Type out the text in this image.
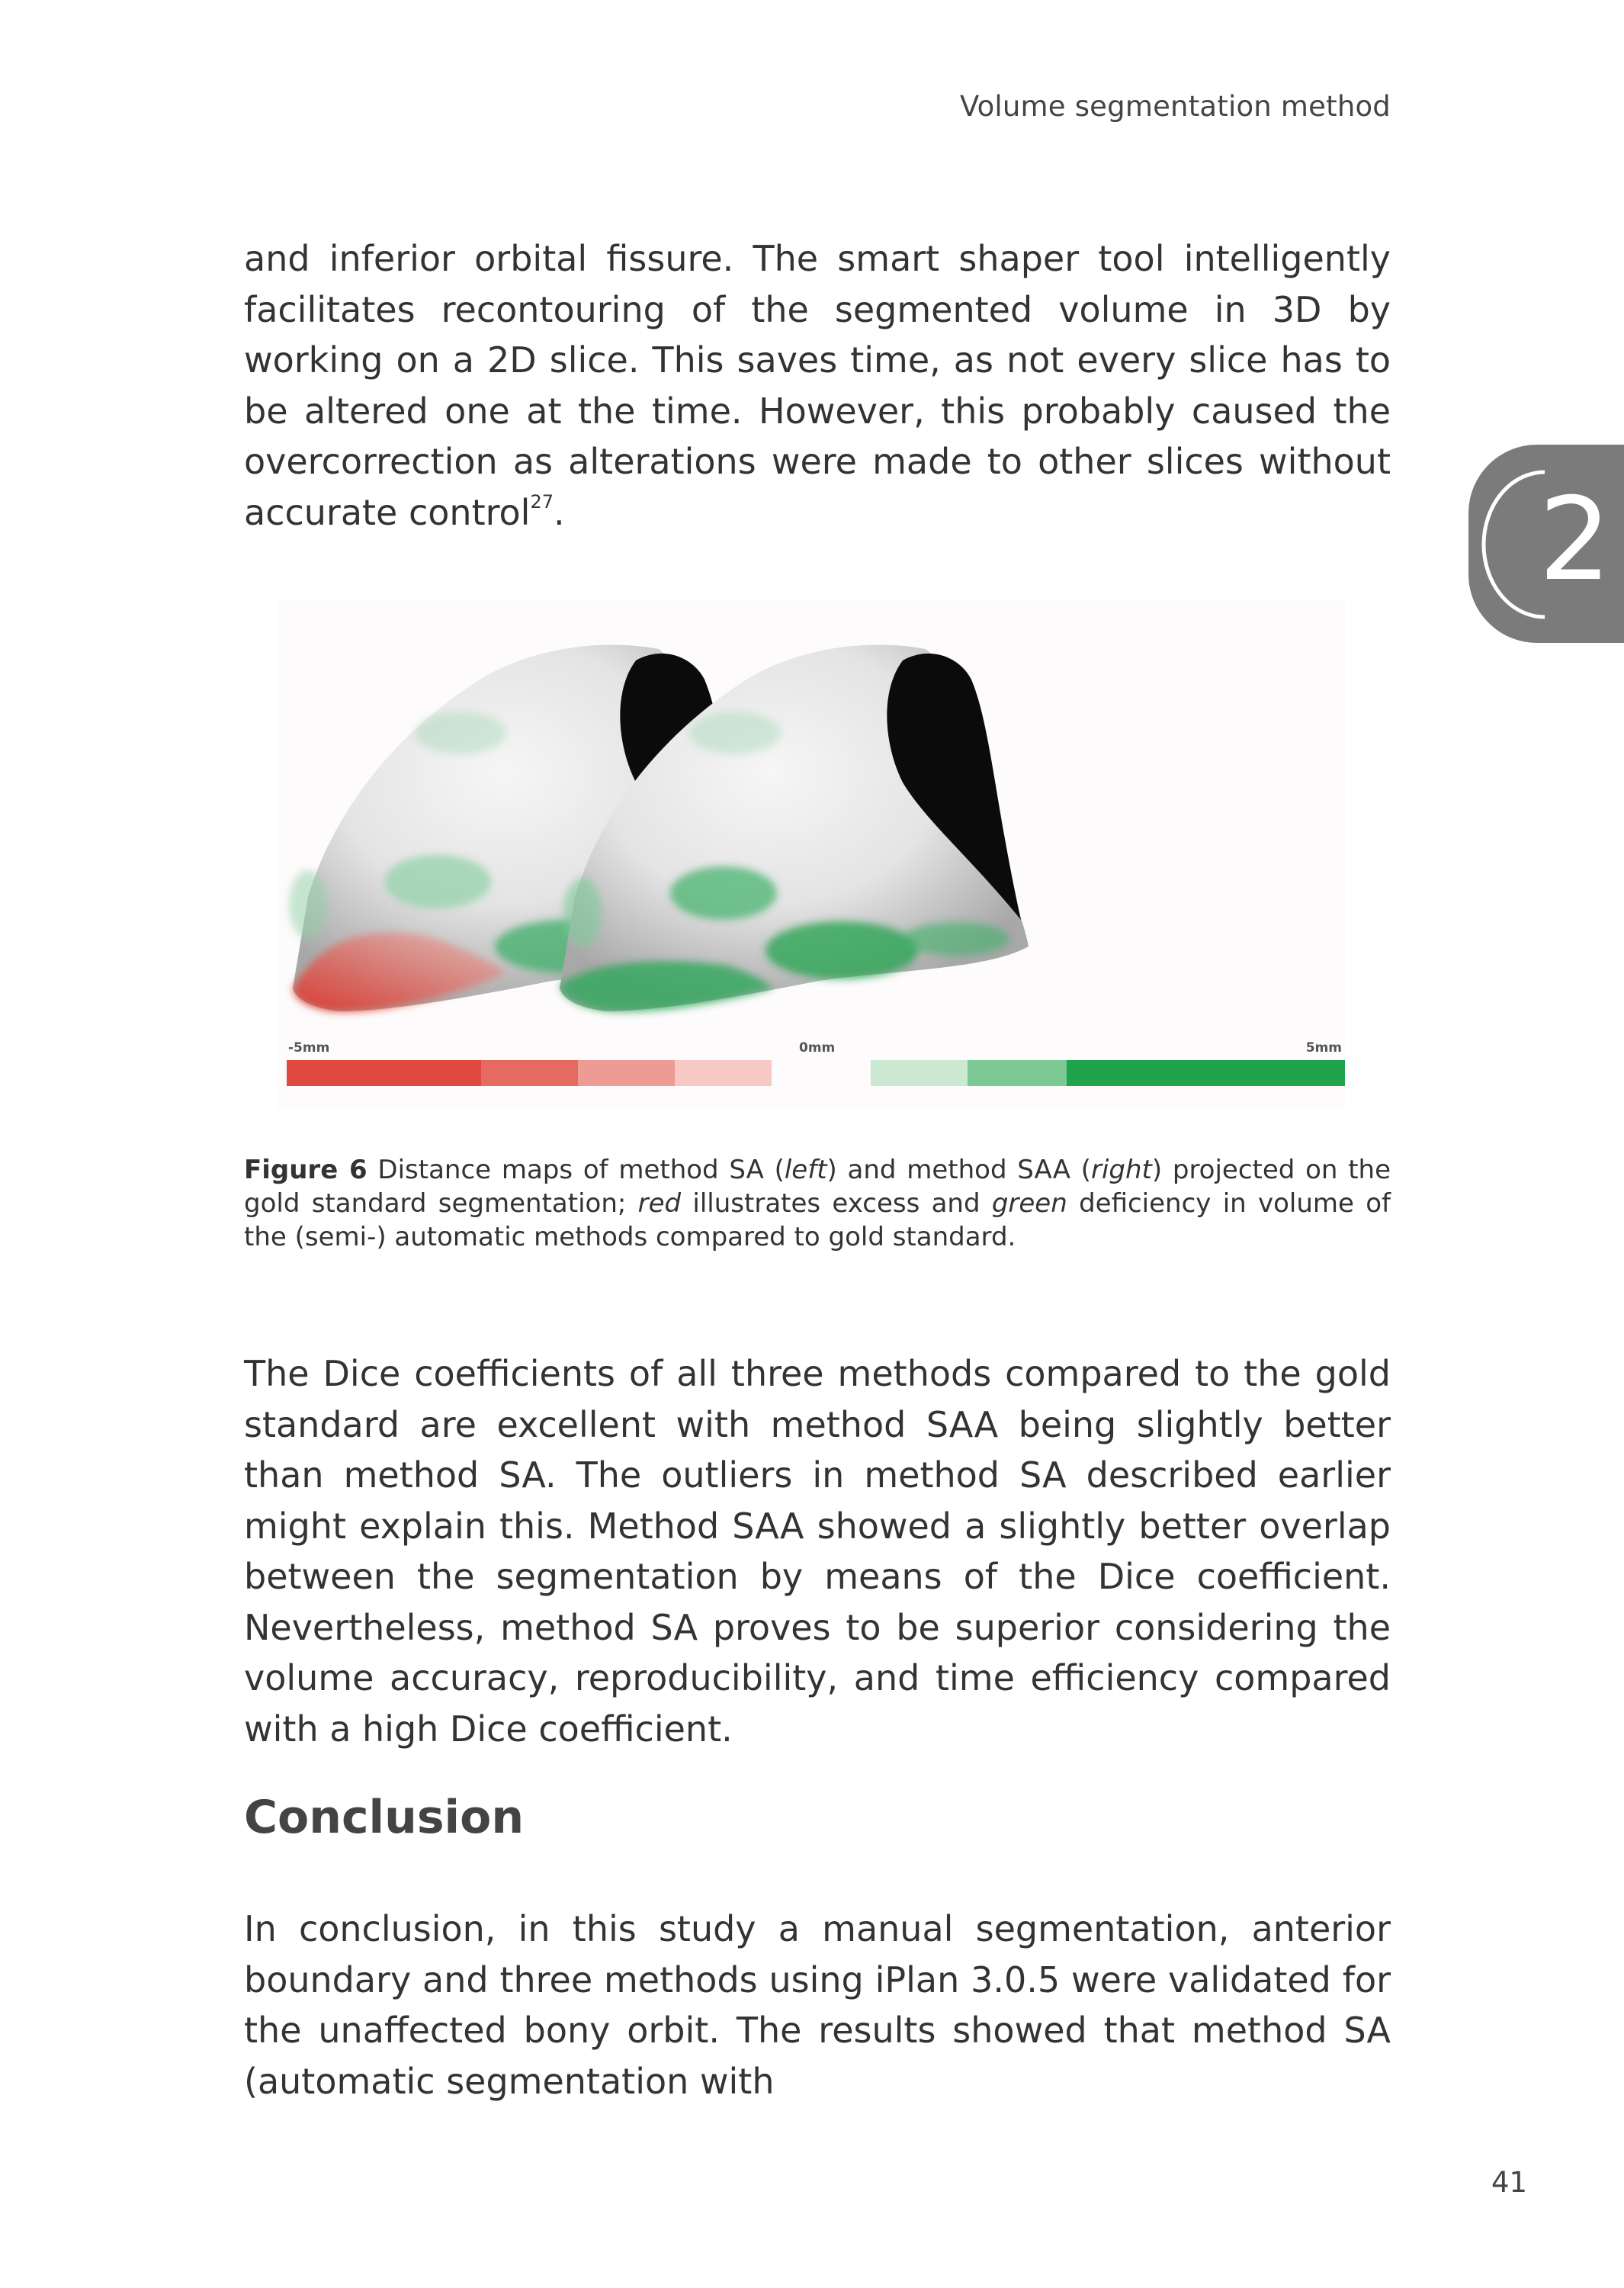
Volume segmentation method
2

and inferior orbital fissure. The smart shaper tool intelligently facilitates recontouring of the segmented volume in 3D by working on a 2D slice. This saves time, as not every slice has to be altered one at the time. However, this probably caused the overcorrection as alterations were made to other slices without accurate control$^{27}$.

-5mm	0mm	5mm

Figure 6 Distance maps of method SA (left) and method SAA (right) projected on the gold standard segmentation; red illustrates excess and green deficiency in volume of the (semi-) automatic methods compared to gold standard.

The Dice coefficients of all three methods compared to the gold standard are excellent with method SAA being slightly better than method SA. The outliers in method SA described earlier might explain this. Method SAA showed a slightly better overlap between the segmentation by means of the Dice coefficient. Nevertheless, method SA proves to be superior considering the volume accuracy, reproducibility, and time efficiency compared with a high Dice coefficient.

Conclusion

In conclusion, in this study a manual segmentation, anterior boundary and three methods using iPlan 3.0.5 were validated for the unaffected bony orbit. The results showed that method SA (automatic segmentation with

41
